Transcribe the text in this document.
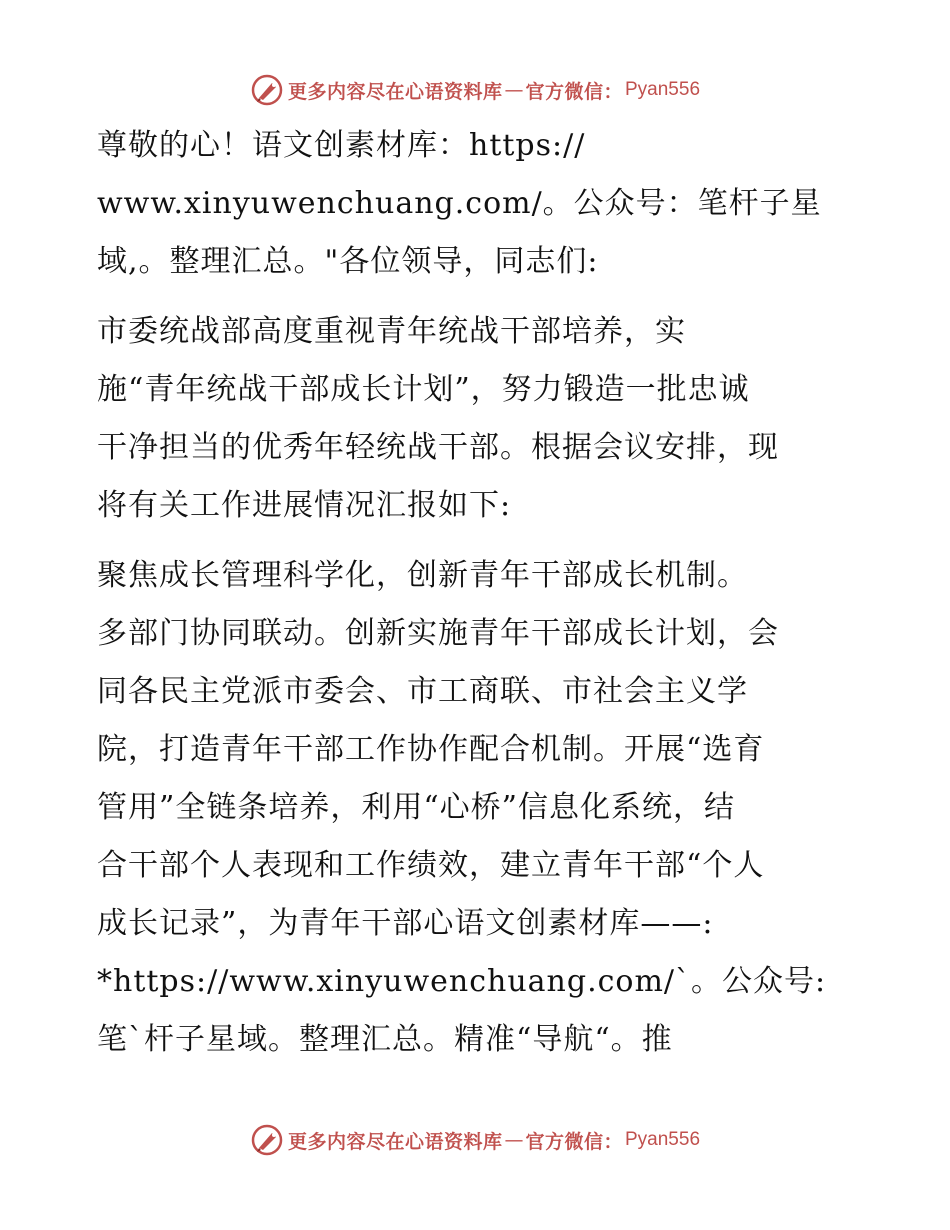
更多内容尽在心语资料库 — 官方微信： Pyan556
尊敬的心！语文创素材库：https://
www.xinyuwenchuang.com/。公众号：笔杆子星
域,。整理汇总。"各位领导，同志们:
市委统战部高度重视青年统战干部培养，实
施“青年统战干部成长计划”，努力锻造一批忠诚
干净担当的优秀年轻统战干部。根据会议安排，现
将有关工作进展情况汇报如下:
聚焦成长管理科学化，创新青年干部成长机制。
多部门协同联动。创新实施青年干部成长计划，会
同各民主党派市委会、市工商联、市社会主义学
院，打造青年干部工作协作配合机制。开展“选育
管用”全链条培养，利用“心桥”信息化系统，结
合干部个人表现和工作绩效，建立青年干部“个人
成长记录”，为青年干部心语文创素材库——:
*https://www.xinyuwenchuang.com/`。公众号:
笔`杆子星域。整理汇总。精准“导航“。推
更多内容尽在心语资料库 — 官方微信： Pyan556
